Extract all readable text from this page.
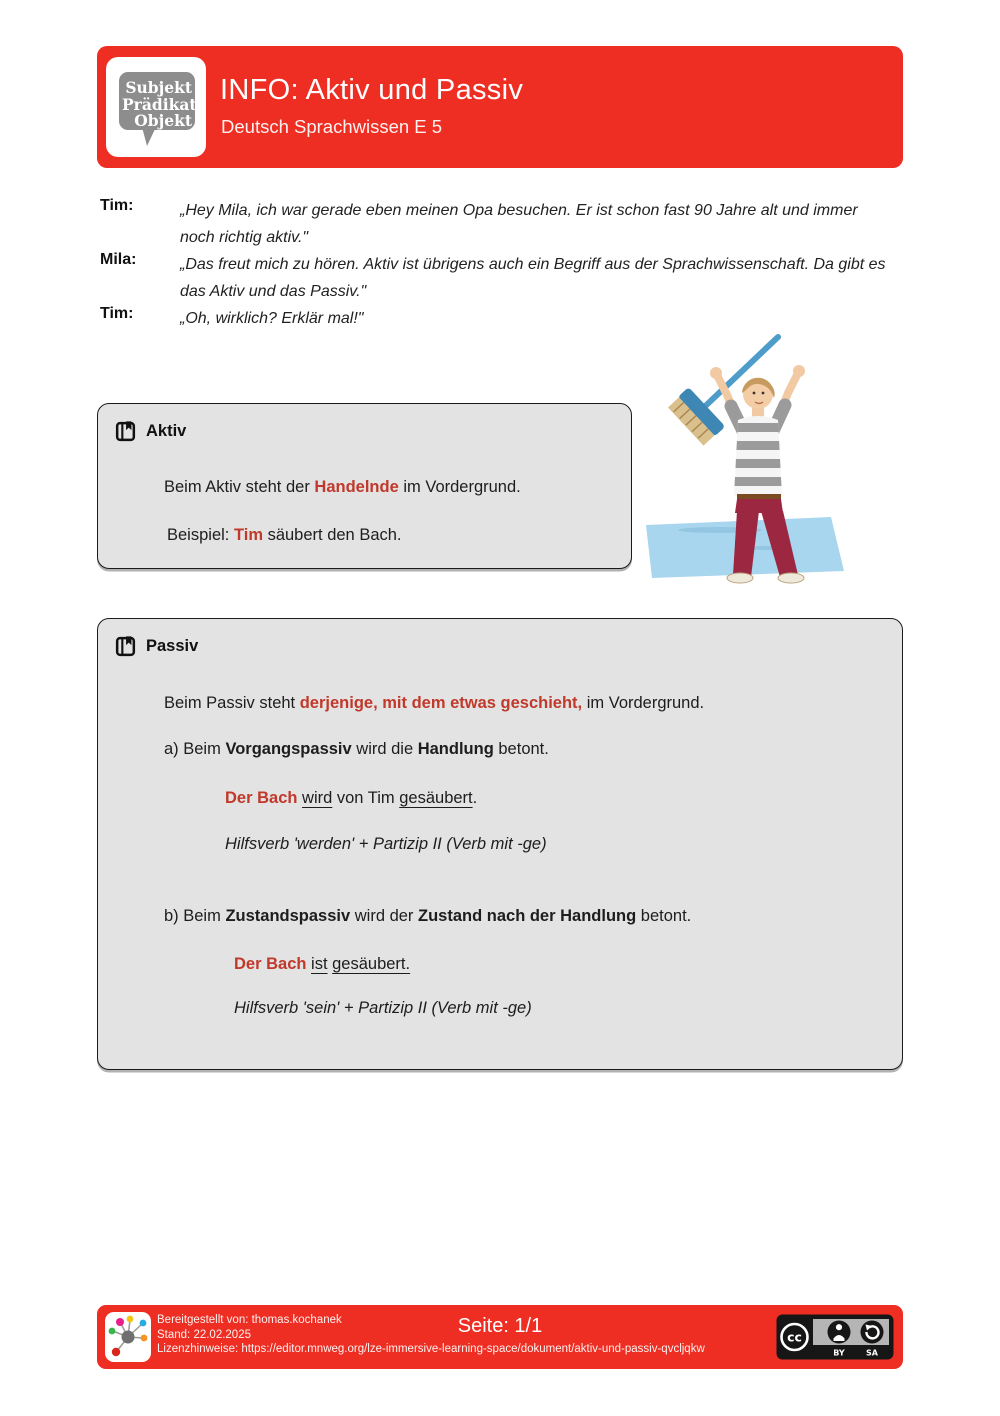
Subjekt
Prädikat
Objekt
INFO: Aktiv und Passiv
Deutsch Sprachwissen E 5
Tim:	„Hey Mila, ich war gerade eben meinen Opa besuchen. Er ist schon fast 90 Jahre alt und immer noch richtig aktiv."
Mila:	„Das freut mich zu hören. Aktiv ist übrigens auch ein Begriff aus der Sprachwissenschaft. Da gibt es das Aktiv und das Passiv."
Tim:	„Oh, wirklich? Erklär mal!"
Aktiv

Beim Aktiv steht der Handelnde im Vordergrund.

Beispiel: Tim säubert den Bach.

Passiv

Beim Passiv steht derjenige, mit dem etwas geschieht, im Vordergrund.

a) Beim Vorgangspassiv wird die Handlung betont.

Der Bach wird von Tim gesäubert.

Hilfsverb 'werden' + Partizip II (Verb mit -ge)

b) Beim Zustandspassiv wird der Zustand nach der Handlung betont.

Der Bach ist gesäubert.

Hilfsverb 'sein' + Partizip II (Verb mit -ge)

Bereitgestellt von: thomas.kochanek
Stand: 22.02.2025
Lizenzhinweise: https://editor.mnweg.org/lze-immersive-learning-space/dokument/aktiv-und-passiv-qvcljqkw
Seite: 1/1	cc
BY	SA
